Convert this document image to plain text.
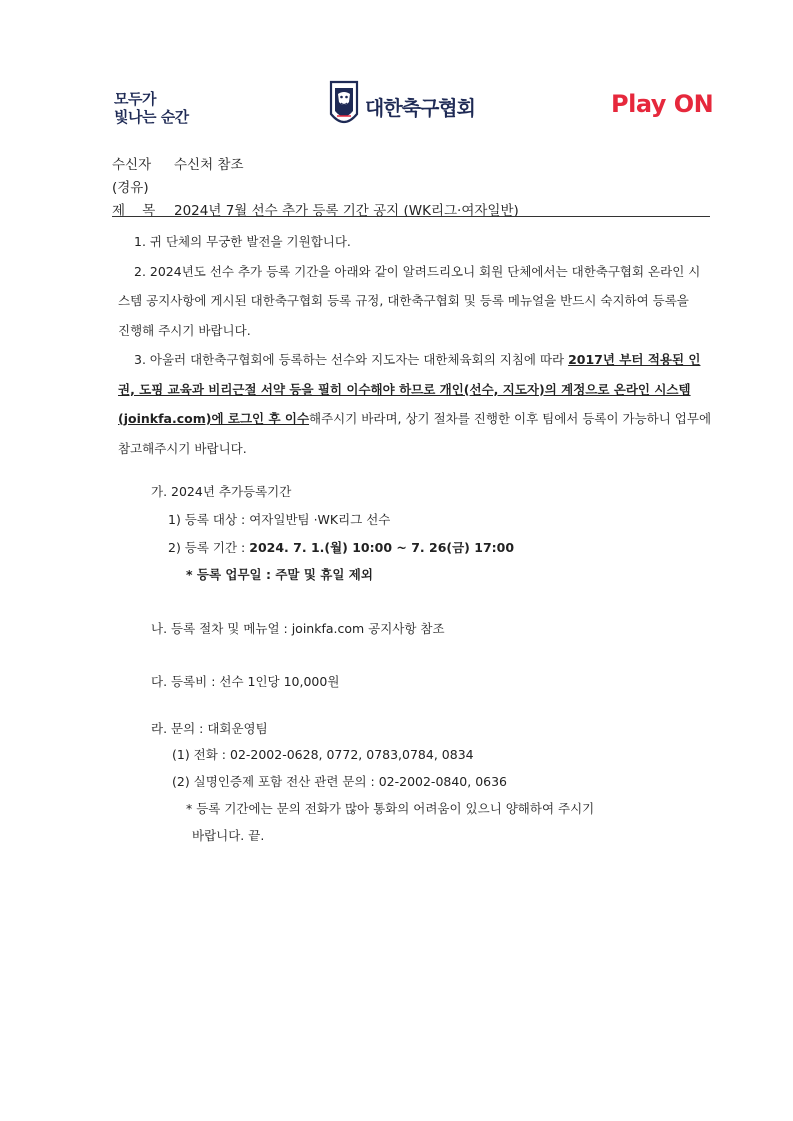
모두가
빛나는 순간	대한축구협회	Play ON
수신자 수신처 참조
(경유)
제    목 2024년 7월 선수 추가 등록 기간 공지 (WK리그·여자일반)
1. 귀 단체의 무궁한 발전을 기원합니다.
2. 2024년도 선수 추가 등록 기간을 아래와 같이 알려드리오니 회원 단체에서는 대한축구협회 온라인 시
스템 공지사항에 게시된 대한축구협회 등록 규정, 대한축구협회 및 등록 메뉴얼을 반드시 숙지하여 등록을
진행해 주시기 바랍니다.
3. 아울러 대한축구협회에 등록하는 선수와 지도자는 대한체육회의 지침에 따라 2017년 부터 적용된 인
권, 도핑 교육과 비리근절 서약 등을 필히 이수해야 하므로 개인(선수, 지도자)의 계정으로 온라인 시스템
(joinkfa.com)에 로그인 후 이수해주시기 바라며, 상기 절차를 진행한 이후 팀에서 등록이 가능하니 업무에
참고해주시기 바랍니다.
가. 2024년 추가등록기간
1) 등록 대상 : 여자일반팀 ·WK리그 선수
2) 등록 기간 : 2024. 7. 1.(월) 10:00 ~ 7. 26(금) 17:00
* 등록 업무일 : 주말 및 휴일 제외
나. 등록 절차 및 메뉴얼 : joinkfa.com 공지사항 참조
다. 등록비 : 선수 1인당 10,000원
라. 문의 : 대회운영팀
(1) 전화 : 02-2002-0628, 0772, 0783,0784, 0834
(2) 실명인증제 포함 전산 관련 문의 : 02-2002-0840, 0636
* 등록 기간에는 문의 전화가 많아 통화의 어려움이 있으니 양해하여 주시기
바랍니다. 끝.
